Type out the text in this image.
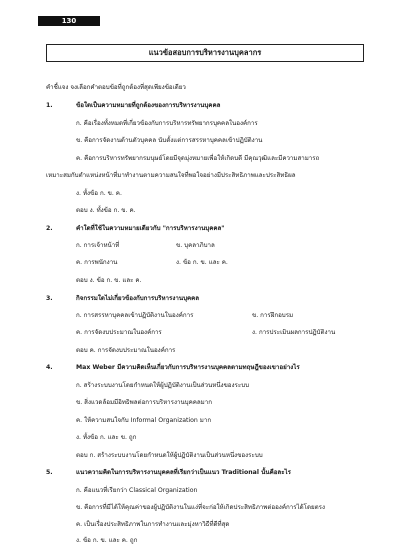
130
แนวข้อสอบการบริหารงานบุคลากร
คำชี้แจง จงเลือกคำตอบข้อที่ถูกต้องที่สุดเพียงข้อเดียว
1.	ข้อใดเป็นความหมายที่ถูกต้องของการบริหารงานบุคคล
ก. คือเรื่องทั้งหมดที่เกี่ยวข้องกับการบริหารทรัพยากรบุคคลในองค์การ
ข. คือการจัดงานด้านตัวบุคคล นับตั้งแต่การสรรหาบุคคลเข้าปฏิบัติงาน
ค. คือการบริหารทรัพยากรมนุษย์โดยมีจุดมุ่งหมายเพื่อให้เกิดบดี มีคุณวุฒิและมีความสามารถ
เหมาะสมกับตำแหน่งหน้าที่มาทำงานตามความสนใจที่พอใจอย่างมีประสิทธิภาพและประสิทธิผล
ง. ทั้งข้อ ก. ข. ค.
ตอบ ง. ทั้งข้อ ก. ข. ค.
2.	คำใดที่ใช้ในความหมายเดียวกับ "การบริหารงานบุคคล"
ก. การเจ้าหน้าที่	ข. บุคลาภิบาล
ค. การพนักงาน	ง. ข้อ ก. ข. และ ค.
ตอบ ง. ข้อ ก. ข. และ ค.
3.	กิจกรรมใดไม่เกี่ยวข้องกับการบริหารงานบุคคล
ก. การสรรหาบุคคลเข้าปฏิบัติงานในองค์การ	ข. การฝึกอบรม
ค. การจัดงบประมาณในองค์การ	ง. การประเมินผลการปฏิบัติงาน
ตอบ ค. การจัดงบประมาณในองค์การ
4.	Max Weber มีความคิดเห็นเกี่ยวกับการบริหารงานบุคคลตามทฤษฎีของเขาอย่างไร
ก. สร้างระบบงานโดยกำหนดให้ผู้ปฏิบัติงานเป็นส่วนหนึ่งของระบบ
ข. สิ่งแวดล้อมมีอิทธิพลต่อการบริหารงานบุคคลมาก
ค. ให้ความสนใจกับ Informal Organization มาก
ง. ทั้งข้อ ก. และ ข. ถูก
ตอบ ก. สร้างระบบงานโดยกำหนดให้ผู้ปฏิบัติงานเป็นส่วนหนึ่งของระบบ
5.	แนวความคิดในการบริหารงานบุคคลที่เรียกว่าเป็นแนว Traditional นั้นคือละไร
ก. คือแนวที่เรียกว่า Classical Organization
ข. คือการที่มีได้ให้คุณค่าของผู้ปฏิบัติงานในแง่ที่จะก่อให้เกิดประสิทธิภาพต่อองค์การได้โดยตรง
ค. เป็นเรื่องประสิทธิภาพในการทำงานและมุ่งหาวิธีที่ดีที่สุด
ง. ข้อ ก. ข. และ ค. ถูก
